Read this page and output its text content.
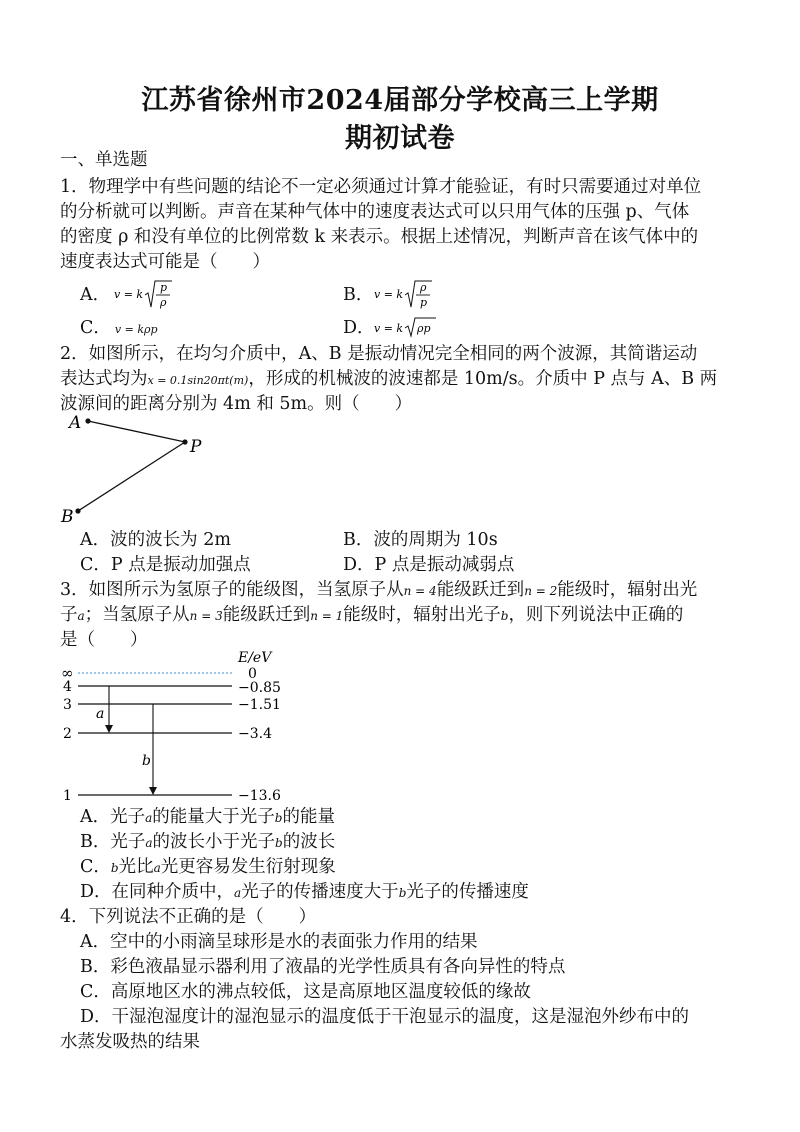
江苏省徐州市2024届部分学校高三上学期
期初试卷
一、单选题
1．物理学中有些问题的结论不一定必须通过计算才能验证，有时只需要通过对单位
的分析就可以判断。声音在某种气体中的速度表达式可以只用气体的压强 p、气体
的密度 ρ 和没有单位的比例常数 k 来表示。根据上述情况，判断声音在该气体中的
速度表达式可能是（　　）
A． v = k
p
ρ	B． v = k
ρ
p
C． v = kρp	D． v = k ρp
2．如图所示，在均匀介质中，A、B 是振动情况完全相同的两个波源，其简谐运动
表达式均为x = 0.1sin20πt(m)，形成的机械波的波速都是 10m/s。介质中 P 点与 A、B 两
波源间的距离分别为 4m 和 5m。则（　　）
A
P
B
A．波的波长为 2m	B．波的周期为 10s
C．P 点是振动加强点	D．P 点是振动减弱点
3．如图所示为氢原子的能级图，当氢原子从n = 4能级跃迁到n = 2能级时，辐射出光
子a；当氢原子从n = 3能级跃迁到n = 1能级时，辐射出光子b，则下列说法中正确的
是（　　）
E/eV
∞	0
4	−0.85
3	−1.51
2	−3.4
1	−13.6
a
b
A．光子a的能量大于光子b的能量
B．光子a的波长小于光子b的波长
C．b光比a光更容易发生衍射现象
D．在同种介质中，a光子的传播速度大于b光子的传播速度
4．下列说法不正确的是（　　）
A．空中的小雨滴呈球形是水的表面张力作用的结果
B．彩色液晶显示器利用了液晶的光学性质具有各向异性的特点
C．高原地区水的沸点较低，这是高原地区温度较低的缘故
D．干湿泡湿度计的湿泡显示的温度低于干泡显示的温度，这是湿泡外纱布中的
水蒸发吸热的结果
